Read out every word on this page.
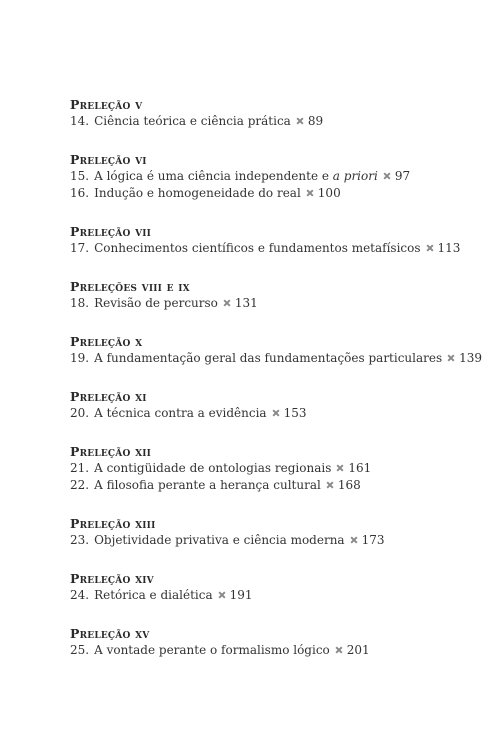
Preleção v
14. Ciência teórica e ciência prática 89
Preleção vi
15. A lógica é uma ciência independente e a priori 97
16. Indução e homogeneidade do real 100
Preleção vii
17. Conhecimentos científicos e fundamentos metafísicos 113
Preleções viii e ix
18. Revisão de percurso 131
Preleção x
19. A fundamentação geral das fundamentações particulares 139
Preleção xi
20. A técnica contra a evidência 153
Preleção xii
21. A contigüidade de ontologias regionais 161
22. A filosofia perante a herança cultural 168
Preleção xiii
23. Objetividade privativa e ciência moderna 173
Preleção xiv
24. Retórica e dialética 191
Preleção xv
25. A vontade perante o formalismo lógico 201
